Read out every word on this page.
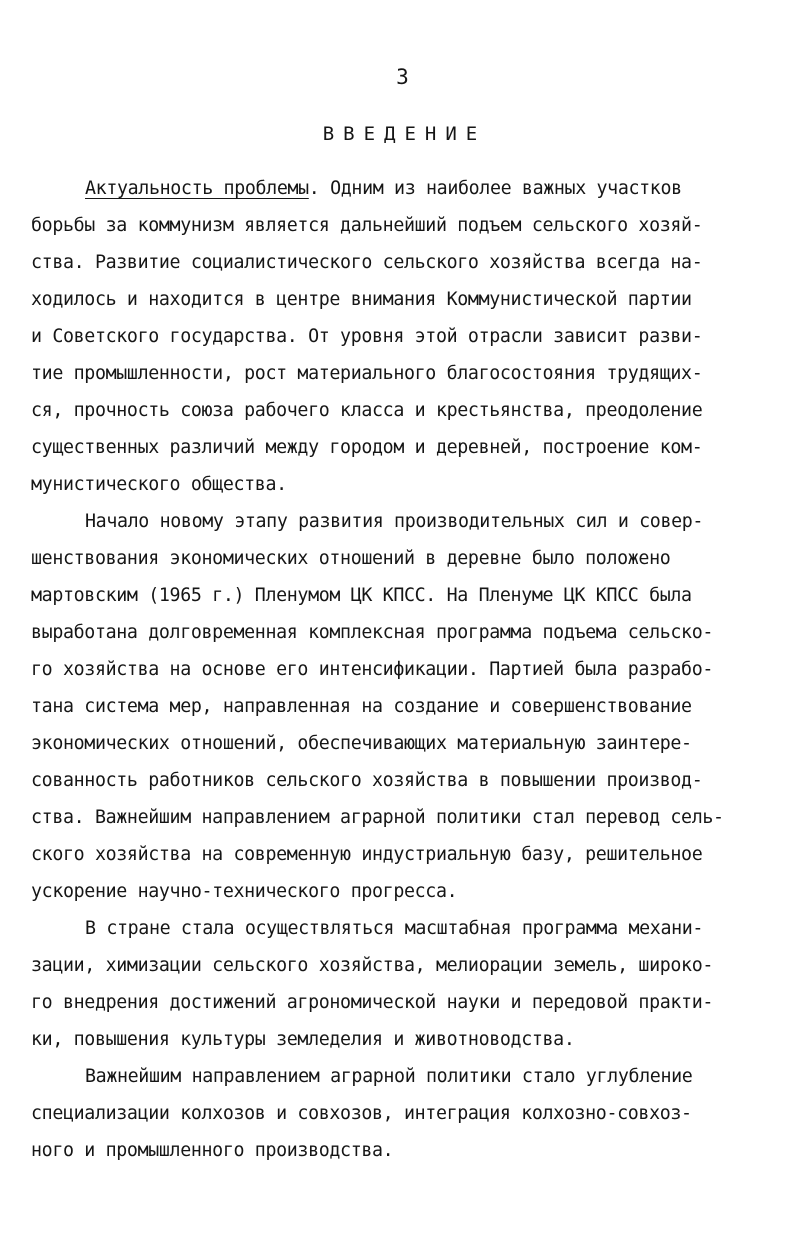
3
ВВЕДЕНИЕ
Актуальность проблемы. Одним из наиболее важных участков
борьбы за коммунизм является дальнейший подъем сельского хозяй-
ства. Развитие социалистического сельского хозяйства всегда на-
ходилось и находится в центре внимания Коммунистической партии
и Советского государства. От уровня этой отрасли зависит разви-
тие промышленности, рост материального благосостояния трудящих-
ся, прочность союза рабочего класса и крестьянства, преодоление
существенных различий между городом и деревней, построение ком-
мунистического общества.
Начало новому этапу развития производительных сил и совер-
шенствования экономических отношений в деревне было положено
мартовским (1965 г.) Пленумом ЦК КПСС. На Пленуме ЦК КПСС была
выработана долговременная комплексная программа подъема сельско-
го хозяйства на основе его интенсификации. Партией была разрабо-
тана система мер, направленная на создание и совершенствование
экономических отношений, обеспечивающих материальную заинтере-
сованность работников сельского хозяйства в повышении производ-
ства. Важнейшим направлением аграрной политики стал перевод сель-
ского хозяйства на современную индустриальную базу, решительное
ускорение научно-технического прогресса.
В стране стала осуществляться масштабная программа механи-
зации, химизации сельского хозяйства, мелиорации земель, широко-
го внедрения достижений агрономической науки и передовой практи-
ки, повышения культуры земледелия и животноводства.
Важнейшим направлением аграрной политики стало углубление
специализации колхозов и совхозов, интеграция колхозно-совхоз-
ного и промышленного производства.
